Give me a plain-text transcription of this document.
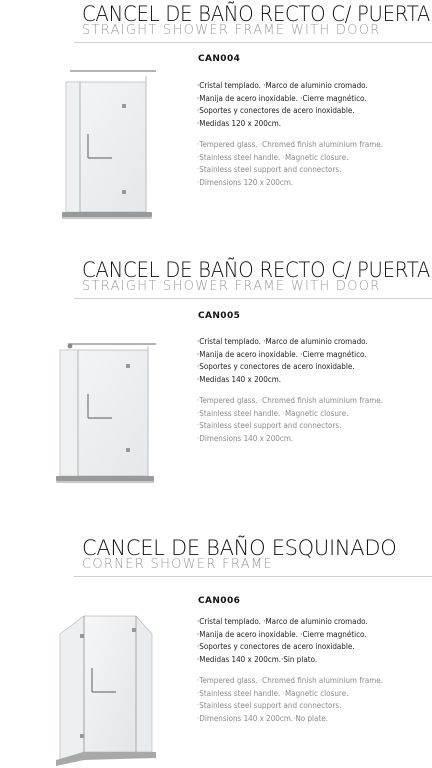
CANCEL DE BAÑO RECTO C/ PUERTA
STRAIGHT SHOWER FRAME WITH DOOR
CAN004
·Cristal templado. ·Marco de aluminio cromado.
·Manija de acero inoxidable. ·Cierre magnético.
·Soportes y conectores de acero inoxidable.
·Medidas 120 x 200cm.
·Tempered glass. ·Chromed finish aluminium frame.
·Stainless steel handle. ·Magnetic closure.
·Stainless steel support and connectors.
·Dimensions 120 x 200cm.
CANCEL DE BAÑO RECTO C/ PUERTA
STRAIGHT SHOWER FRAME WITH DOOR
CAN005
·Cristal templado. ·Marco de aluminio cromado.
·Manija de acero inoxidable. ·Cierre magnético.
·Soportes y conectores de acero inoxidable.
·Medidas 140 x 200cm.
·Tempered glass. ·Chromed finish aluminium frame.
·Stainless steel handle. ·Magnetic closure.
·Stainless steel support and connectors.
·Dimensions 140 x 200cm.
CANCEL DE BAÑO ESQUINADO
CORNER SHOWER FRAME
CAN006
·Cristal templado. ·Marco de aluminio cromado.
·Manija de acero inoxidable. ·Cierre magnético.
·Soportes y conectores de acero inoxidable.
·Medidas 140 x 200cm.·Sin plato.
·Tempered glass. ·Chromed finish aluminium frame.
·Stainless steel handle. ·Magnetic closure.
·Stainless steel support and connectors.
·Dimensions 140 x 200cm.·No plate.
